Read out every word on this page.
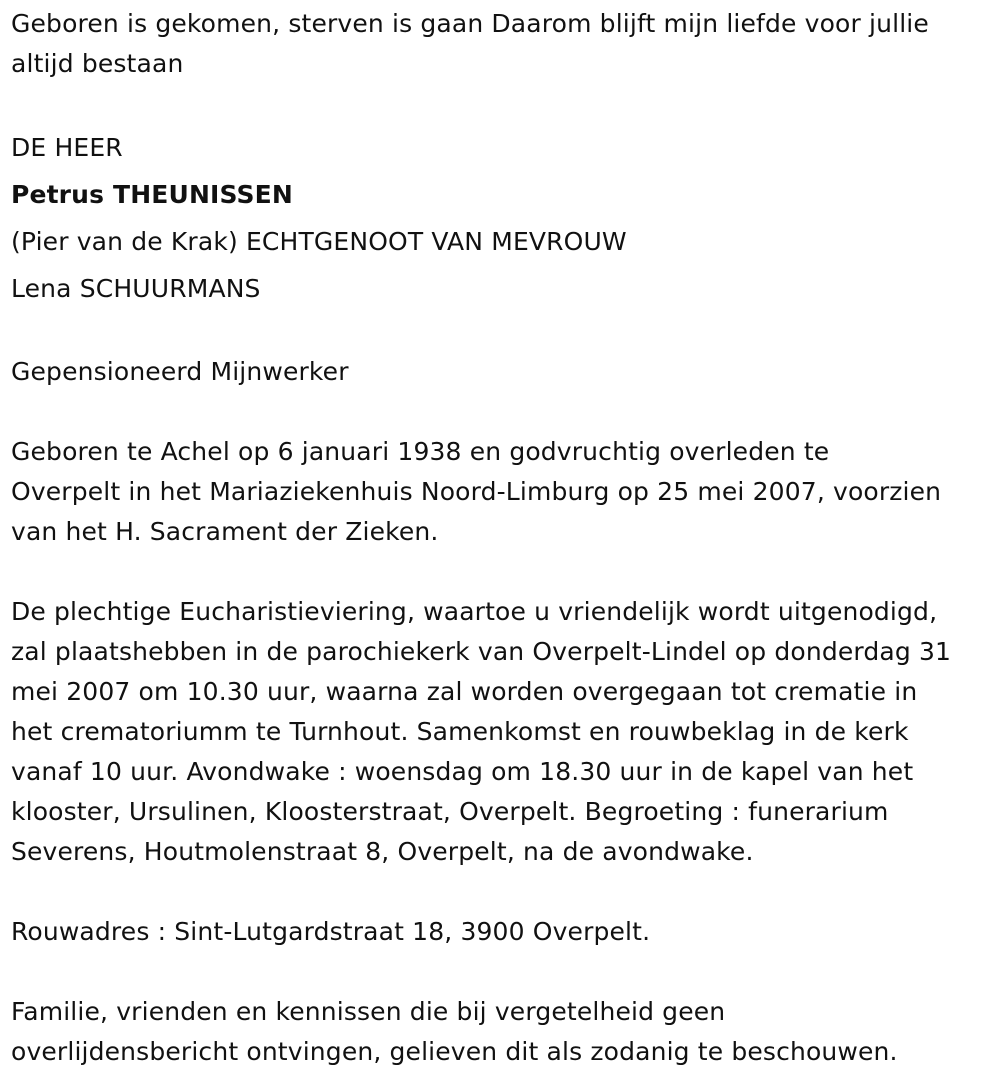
Geboren is gekomen, sterven is gaan Daarom blijft mijn liefde voor jullie
altijd bestaan
DE HEER
Petrus THEUNISSEN
(Pier van de Krak) ECHTGENOOT VAN MEVROUW
Lena SCHUURMANS
Gepensioneerd Mijnwerker
Geboren te Achel op 6 januari 1938 en godvruchtig overleden te
Overpelt in het Mariaziekenhuis Noord-Limburg op 25 mei 2007, voorzien
van het H. Sacrament der Zieken.
De plechtige Eucharistieviering, waartoe u vriendelijk wordt uitgenodigd,
zal plaatshebben in de parochiekerk van Overpelt-Lindel op donderdag 31
mei 2007 om 10.30 uur, waarna zal worden overgegaan tot crematie in
het crematoriumm te Turnhout. Samenkomst en rouwbeklag in de kerk
vanaf 10 uur. Avondwake : woensdag om 18.30 uur in de kapel van het
klooster, Ursulinen, Kloosterstraat, Overpelt. Begroeting : funerarium
Severens, Houtmolenstraat 8, Overpelt, na de avondwake.
Rouwadres : Sint-Lutgardstraat 18, 3900 Overpelt.
Familie, vrienden en kennissen die bij vergetelheid geen
overlijdensbericht ontvingen, gelieven dit als zodanig te beschouwen.
